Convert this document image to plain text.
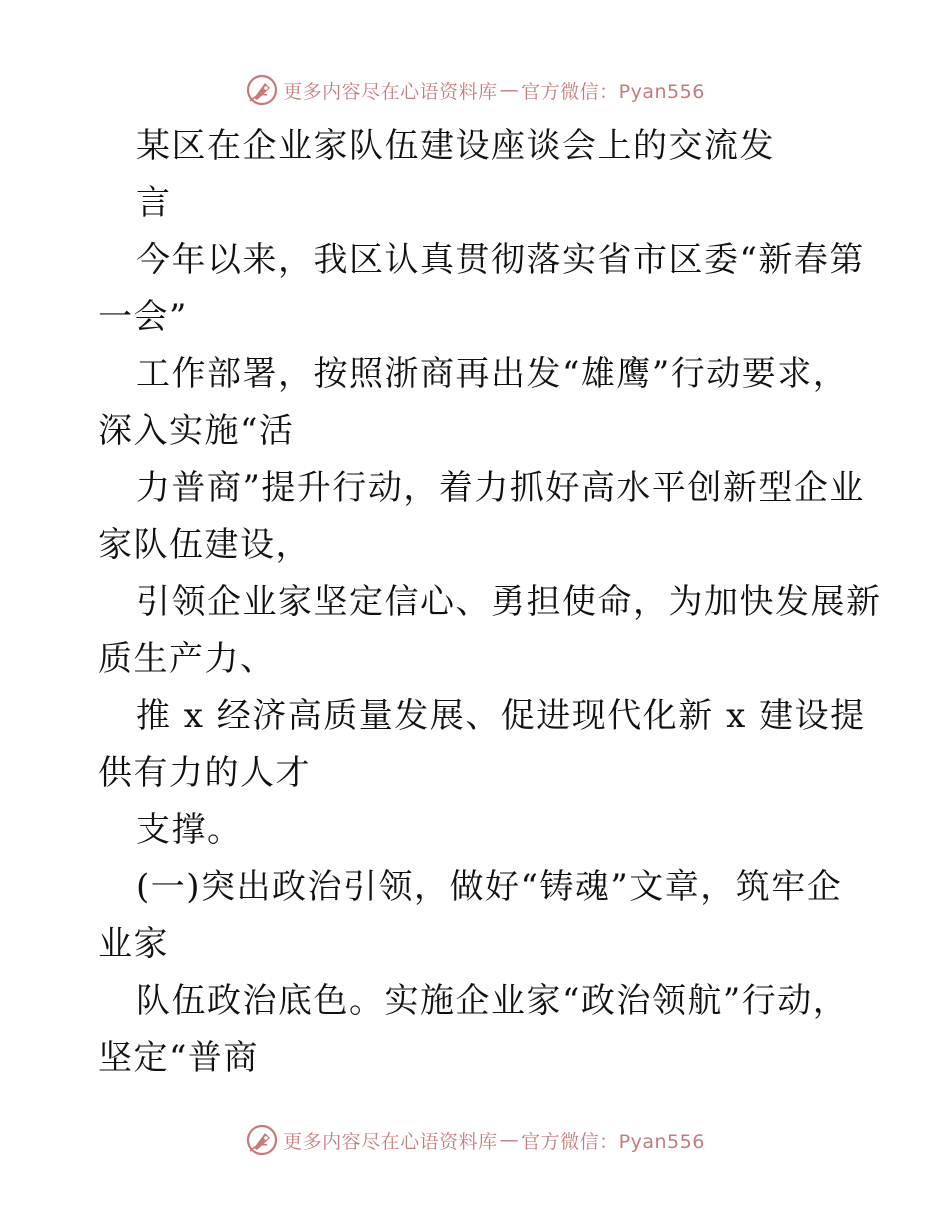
更多内容尽在心语资料库 — 官方微信：Pyan556
某区在企业家队伍建设座谈会上的交流发
言
今年以来，我区认真贯彻落实省市区委“新春第
一会”
工作部署，按照浙商再出发“雄鹰”行动要求，
深入实施“活
力普商”提升行动，着力抓好高水平创新型企业
家队伍建设，
引领企业家坚定信心、勇担使命，为加快发展新
质生产力、
推 x 经济高质量发展、促进现代化新 x 建设提
供有力的人才
支撑。
(一)突出政治引领，做好“铸魂”文章，筑牢企
业家
队伍政治底色。实施企业家“政治领航”行动，
坚定“普商
更多内容尽在心语资料库 — 官方微信：Pyan556
